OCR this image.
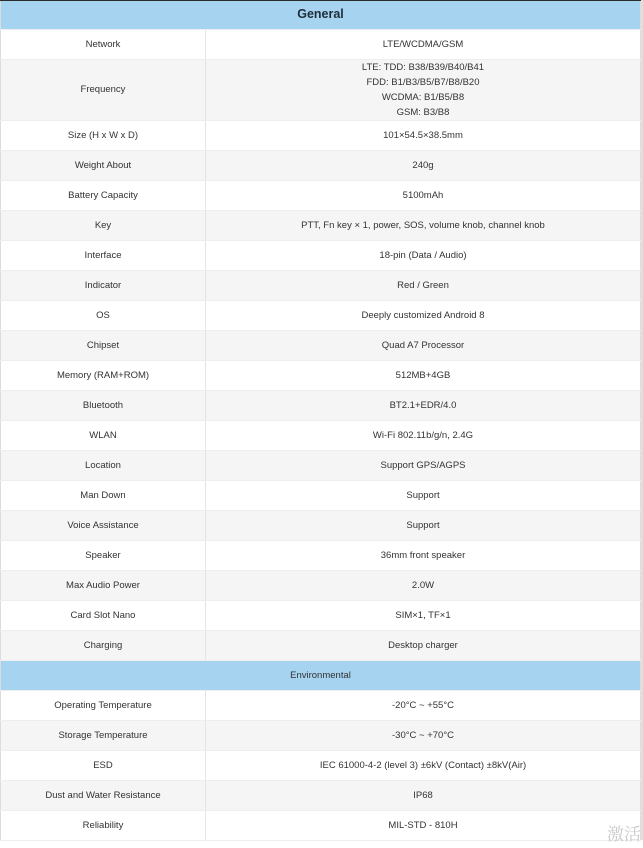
General	
Network	LTE/WCDMA/GSM
Frequency	LTE: TDD: B38/B39/B40/B41
FDD: B1/B3/B5/B7/B8/B20
WCDMA: B1/B5/B8
GSM: B3/B8

Size (H x W x D)	101×54.5×38.5mm
Weight About	240g
Battery Capacity	5100mAh
Key	PTT, Fn key × 1, power, SOS, volume knob, channel knob
Interface	18-pin (Data / Audio)
Indicator	Red / Green
OS	Deeply customized Android 8
Chipset	Quad A7 Processor
Memory (RAM+ROM)	512MB+4GB
Bluetooth	BT2.1+EDR/4.0
WLAN	Wi-Fi 802.11b/g/n, 2.4G
Location	Support GPS/AGPS
Man Down	Support
Voice Assistance	Support
Speaker	36mm front speaker
Max Audio Power	2.0W
Card Slot Nano	SIM×1, TF×1
Charging	Desktop charger
Environmental	
Operating Temperature	-20°C ~ +55°C
Storage Temperature	-30°C ~ +70°C
ESD	IEC 61000-4-2 (level 3) ±6kV (Contact) ±8kV(Air)
Dust and Water Resistance	IP68
Reliability	MIL-STD - 810H	激活
